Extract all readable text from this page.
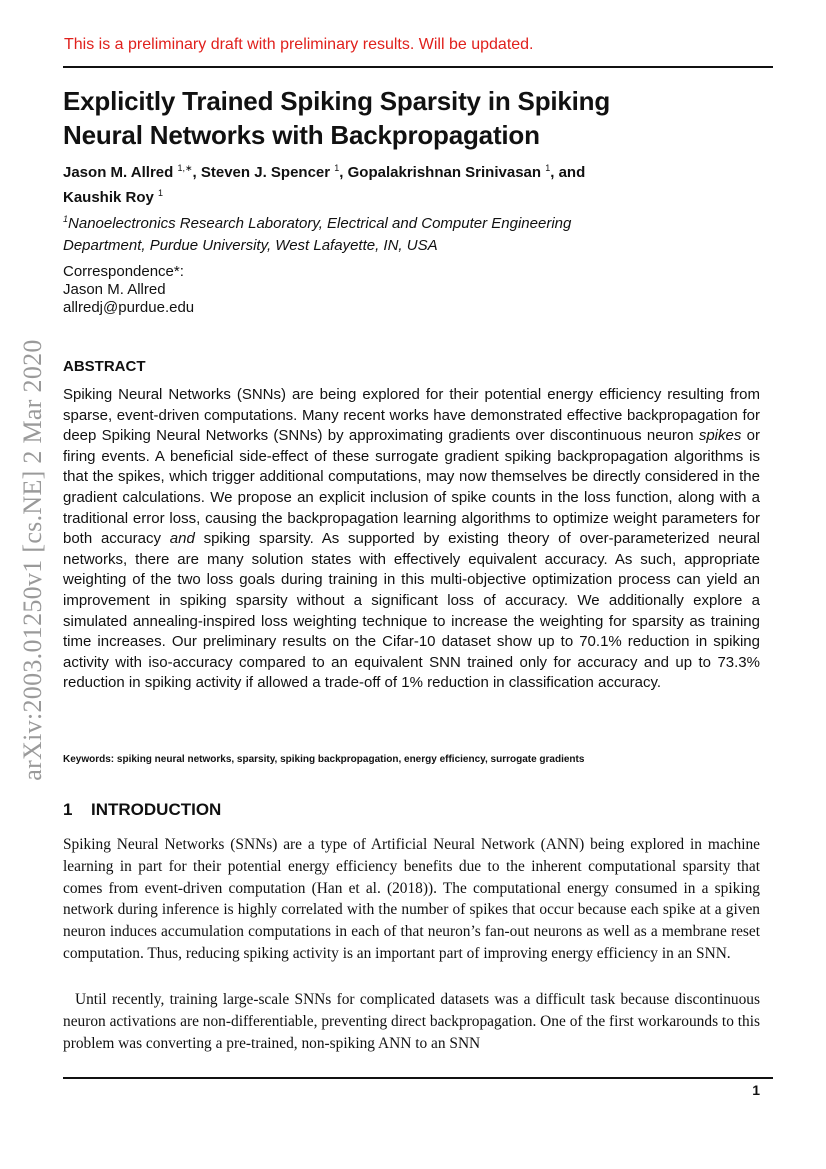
This is a preliminary draft with preliminary results. Will be updated.
arXiv:2003.01250v1 [cs.NE] 2 Mar 2020
Explicitly Trained Spiking Sparsity in Spiking
Neural Networks with Backpropagation
Jason M. Allred $^{1,∗}$, Steven J. Spencer $^1$, Gopalakrishnan Srinivasan $^1$, and
Kaushik Roy $^1$
$^1$Nanoelectronics Research Laboratory, Electrical and Computer Engineering
Department, Purdue University, West Lafayette, IN, USA
Correspondence*:
Jason M. Allred
allredj@purdue.edu
ABSTRACT
Spiking Neural Networks (SNNs) are being explored for their potential energy efficiency resulting from sparse, event-driven computations. Many recent works have demonstrated effective backpropagation for deep Spiking Neural Networks (SNNs) by approximating gradients over discontinuous neuron spikes or firing events. A beneficial side-effect of these surrogate gradient spiking backpropagation algorithms is that the spikes, which trigger additional computations, may now themselves be directly considered in the gradient calculations. We propose an explicit inclusion of spike counts in the loss function, along with a traditional error loss, causing the backpropagation learning algorithms to optimize weight parameters for both accuracy and spiking sparsity. As supported by existing theory of over-parameterized neural networks, there are many solution states with effectively equivalent accuracy. As such, appropriate weighting of the two loss goals during training in this multi-objective optimization process can yield an improvement in spiking sparsity without a significant loss of accuracy. We additionally explore a simulated annealing-inspired loss weighting technique to increase the weighting for sparsity as training time increases. Our preliminary results on the Cifar-10 dataset show up to 70.1% reduction in spiking activity with iso-accuracy compared to an equivalent SNN trained only for accuracy and up to 73.3% reduction in spiking activity if allowed a trade-off of 1% reduction in classification accuracy.
Keywords: spiking neural networks, sparsity, spiking backpropagation, energy efficiency, surrogate gradients
1 INTRODUCTION

Spiking Neural Networks (SNNs) are a type of Artificial Neural Network (ANN) being explored in machine learning in part for their potential energy efficiency benefits due to the inherent computational sparsity that comes from event-driven computation (Han et al. (2018)). The computational energy consumed in a spiking network during inference is highly correlated with the number of spikes that occur because each spike at a given neuron induces accumulation computations in each of that neuron’s fan-out neurons as well as a membrane reset computation. Thus, reducing spiking activity is an important part of improving energy efficiency in an SNN.

Until recently, training large-scale SNNs for complicated datasets was a difficult task because discontinuous neuron activations are non-differentiable, preventing direct backpropagation. One of the first workarounds to this problem was converting a pre-trained, non-spiking ANN to an SNN

1
